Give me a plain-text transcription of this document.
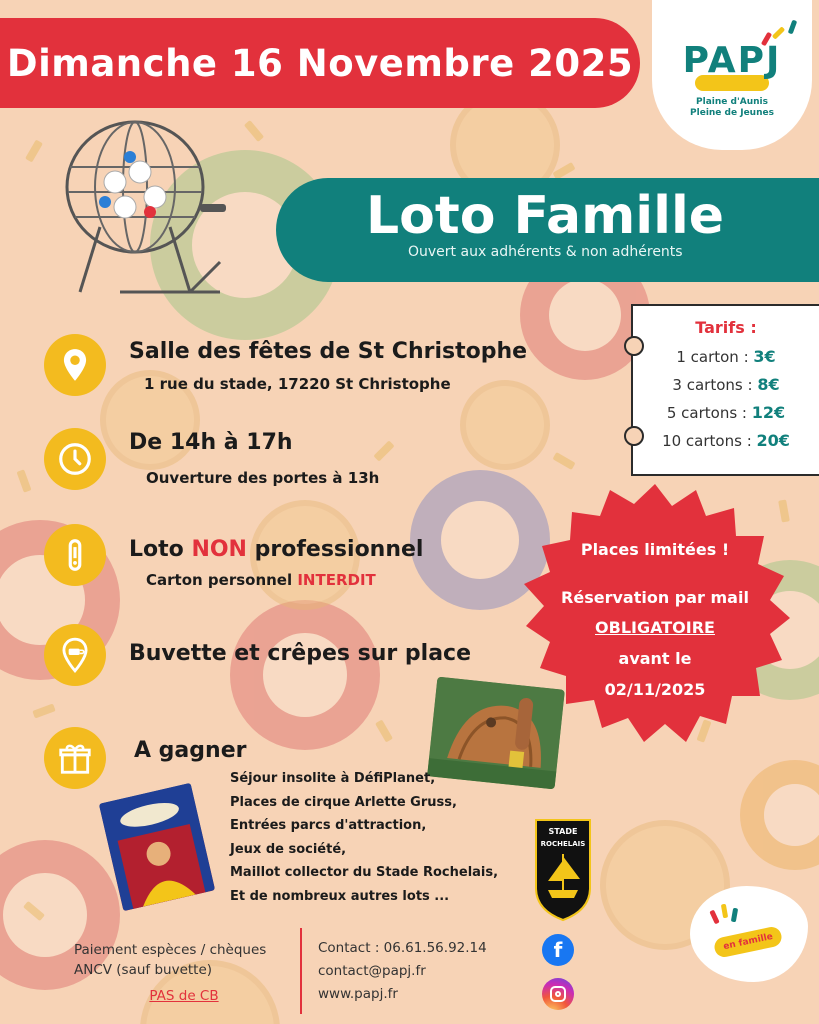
Dimanche 16 Novembre 2025 PAPJ
Plaine d'Aunis
Pleine de Jeunes
Loto Famille
Ouvert aux adhérents & non adhérents
Tarifs :
1 carton : 3€
3 cartons : 8€
5 cartons : 12€
10 cartons : 20€
Salle des fêtes de St Christophe
1 rue du stade, 17220 St Christophe
De 14h à 17h
Ouverture des portes à 13h
Loto NON professionnel
Carton personnel INTERDIT
Buvette et crêpes sur place
A gagner
Places limitées !
Réservation par mail
OBLIGATOIRE
avant le
02/11/2025
Séjour insolite à DéfiPlanet,
Places de cirque Arlette Gruss,
Entrées parcs d'attraction,
Jeux de société,
Maillot collector du Stade Rochelais,
Et de nombreux autres lots ...
STADE
ROCHELAIS
Paiement espèces / chèques
ANCV (sauf buvette)
PAS de CB
Contact : 06.61.56.92.14
contact@papj.fr
www.papj.fr
f	en famille
